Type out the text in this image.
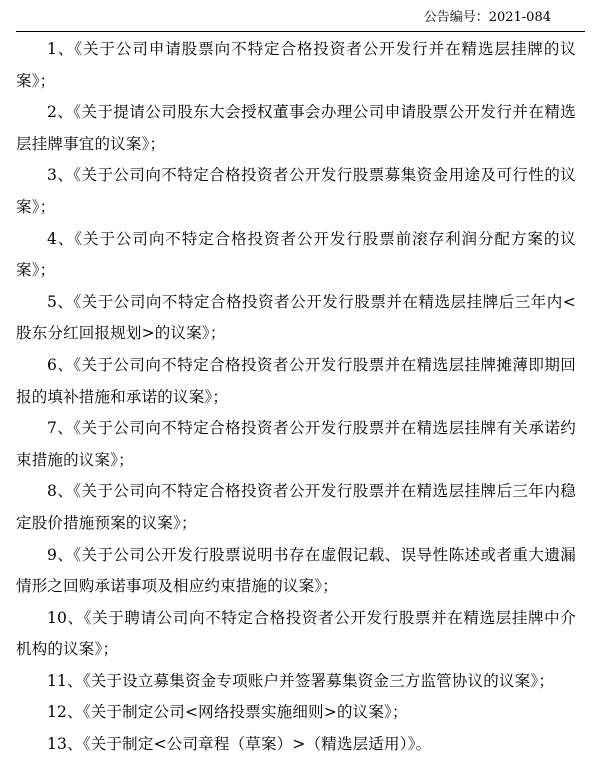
公告编号：2021-084

1、《关于公司申请股票向不特定合格投资者公开发行并在精选层挂牌的议案》；

2、《关于提请公司股东大会授权董事会办理公司申请股票公开发行并在精选层挂牌事宜的议案》；

3、《关于公司向不特定合格投资者公开发行股票募集资金用途及可行性的议案》；

4、《关于公司向不特定合格投资者公开发行股票前滚存利润分配方案的议案》；

5、《关于公司向不特定合格投资者公开发行股票并在精选层挂牌后三年内<股东分红回报规划>的议案》；

6、《关于公司向不特定合格投资者公开发行股票并在精选层挂牌摊薄即期回报的填补措施和承诺的议案》；

7、《关于公司向不特定合格投资者公开发行股票并在精选层挂牌有关承诺约束措施的议案》；

8、《关于公司向不特定合格投资者公开发行股票并在精选层挂牌后三年内稳定股价措施预案的议案》；

9、《关于公司公开发行股票说明书存在虚假记载、误导性陈述或者重大遗漏情形之回购承诺事项及相应约束措施的议案》；

10、《关于聘请公司向不特定合格投资者公开发行股票并在精选层挂牌中介机构的议案》；

11、《关于设立募集资金专项账户并签署募集资金三方监管协议的议案》；

12、《关于制定公司<网络投票实施细则>的议案》；

13、《关于制定<公司章程（草案）>（精选层适用）》。
